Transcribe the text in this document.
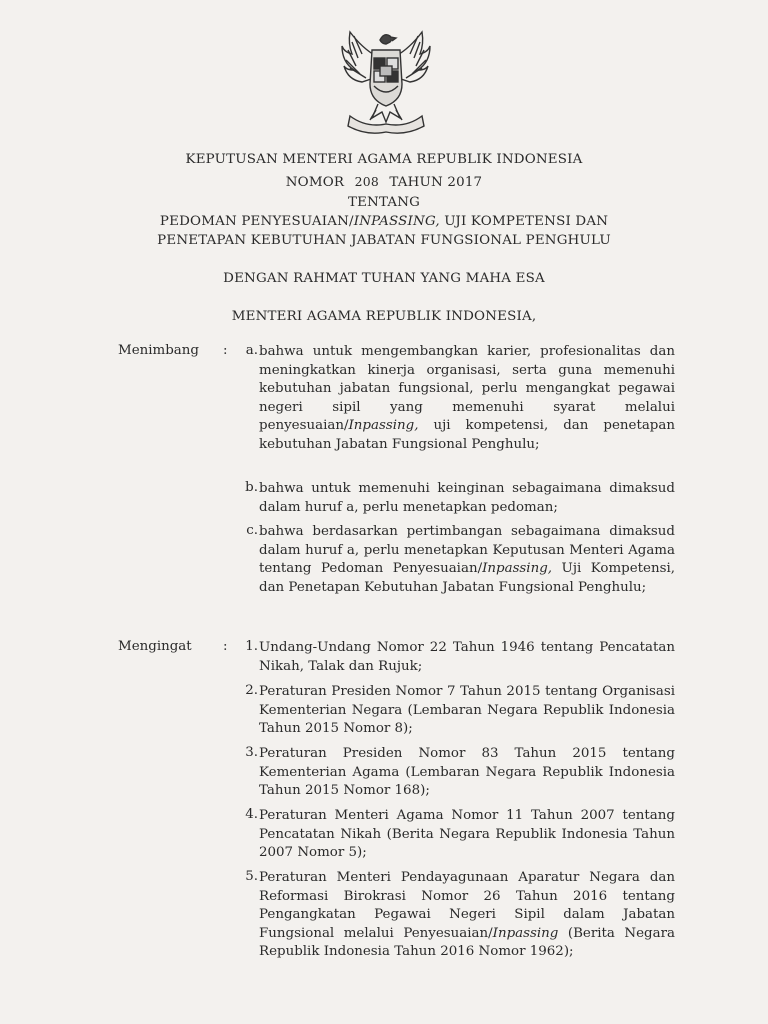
KEPUTUSAN MENTERI AGAMA REPUBLIK INDONESIA
NOMOR 208 TAHUN 2017
TENTANG
PEDOMAN PENYESUAIAN/INPASSING, UJI KOMPETENSI DAN
PENETAPAN KEBUTUHAN JABATAN FUNGSIONAL PENGHULU
DENGAN RAHMAT TUHAN YANG MAHA ESA
MENTERI AGAMA REPUBLIK INDONESIA,
Menimbang :	a. bahwa untuk mengembangkan karier, profesionalitas dan meningkatkan kinerja organisasi, serta guna memenuhi kebutuhan jabatan fungsional, perlu mengangkat pegawai negeri sipil yang memenuhi syarat melalui penyesuaian/Inpassing, uji kompetensi, dan penetapan kebutuhan Jabatan Fungsional Penghulu;
b. bahwa untuk memenuhi keinginan sebagaimana dimaksud dalam huruf a, perlu menetapkan pedoman;
c. bahwa berdasarkan pertimbangan sebagaimana dimaksud dalam huruf a, perlu menetapkan Keputusan Menteri Agama tentang Pedoman Penyesuaian/Inpassing, Uji Kompetensi, dan Penetapan Kebutuhan Jabatan Fungsional Penghulu;
Mengingat :	1. Undang-Undang Nomor 22 Tahun 1946 tentang Pencatatan Nikah, Talak dan Rujuk;
2. Peraturan Presiden Nomor 7 Tahun 2015 tentang Organisasi Kementerian Negara (Lembaran Negara Republik Indonesia Tahun 2015 Nomor 8);
3. Peraturan Presiden Nomor 83 Tahun 2015 tentang Kementerian Agama (Lembaran Negara Republik Indonesia Tahun 2015 Nomor 168);
4. Peraturan Menteri Agama Nomor 11 Tahun 2007 tentang Pencatatan Nikah (Berita Negara Republik Indonesia Tahun 2007 Nomor 5);
5. Peraturan Menteri Pendayagunaan Aparatur Negara dan Reformasi Birokrasi Nomor 26 Tahun 2016 tentang Pengangkatan Pegawai Negeri Sipil dalam Jabatan Fungsional melalui Penyesuaian/Inpassing (Berita Negara Republik Indonesia Tahun 2016 Nomor 1962);
